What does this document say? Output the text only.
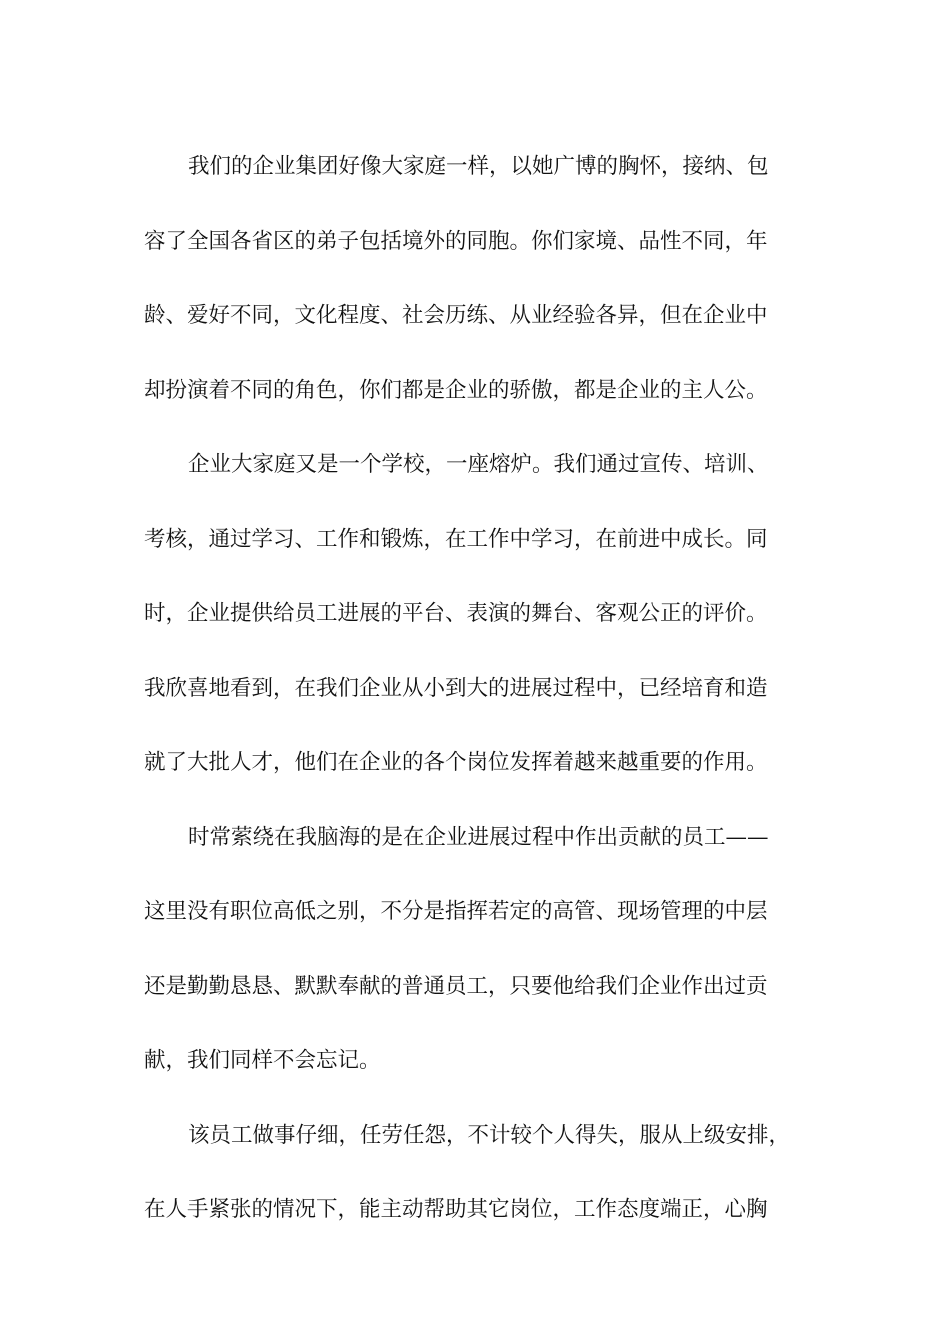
我们的企业集团好像大家庭一样，以她广博的胸怀，接纳、包
容了全国各省区的弟子包括境外的同胞。你们家境、品性不同，年
龄、爱好不同，文化程度、社会历练、从业经验各异，但在企业中
却扮演着不同的角色，你们都是企业的骄傲，都是企业的主人公。
企业大家庭又是一个学校，一座熔炉。我们通过宣传、培训、
考核，通过学习、工作和锻炼，在工作中学习，在前进中成长。同
时，企业提供给员工进展的平台、表演的舞台、客观公正的评价。
我欣喜地看到，在我们企业从小到大的进展过程中，已经培育和造
就了大批人才，他们在企业的各个岗位发挥着越来越重要的作用。
时常萦绕在我脑海的是在企业进展过程中作出贡献的员工——
这里没有职位高低之别，不分是指挥若定的高管、现场管理的中层
还是勤勤恳恳、默默奉献的普通员工，只要他给我们企业作出过贡
献，我们同样不会忘记。
该员工做事仔细，任劳任怨，不计较个人得失，服从上级安排，
在人手紧张的情况下，能主动帮助其它岗位，工作态度端正，心胸
